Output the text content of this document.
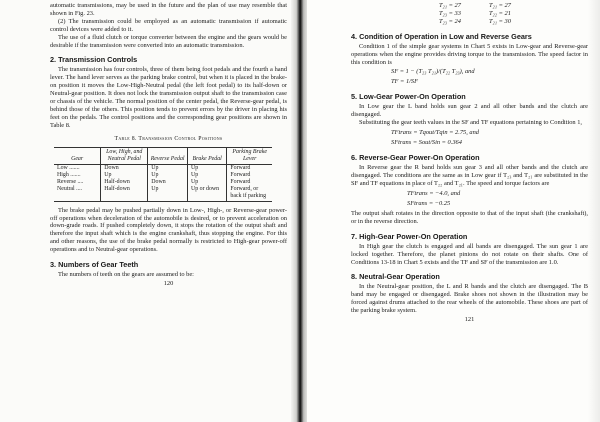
automatic transmissions, may be used in the future and the plan of use may resemble that shown in Fig. 23.

(2) The transmission could be employed as an automatic transmission if automatic control devices were added to it.

The use of a fluid clutch or torque converter between the engine and the gears would be desirable if the transmission were converted into an automatic transmission.

2. Transmission Controls

The transmission has four controls, three of them being foot pedals and the fourth a hand lever. The hand lever serves as the parking brake control, but when it is placed in the brake-on position it moves the Low-High-Neutral pedal (the left foot pedal) to its half-down or Neutral-gear position. It does not lock the transmission output shaft to the transmission case or chassis of the vehicle. The normal position of the center pedal, the Reverse-gear pedal, is behind those of the others. This position tends to prevent errors by the driver in placing his feet on the pedals. The control positions and the corresponding gear positions are shown in Table 8.

Table 8. Transmission Control Positions
Gear	Low, High, and Neutral Pedal	Reverse Pedal	Brake Pedal	Parking Brake Lever
Low .......	Down	Up	Up	Forward
High .......	Up	Up	Up	Forward
Reverse ....	Half-down	Down	Up	Forward
Neutral ....	Half-down	Up	Up or down	Forward, or back if parking

The brake pedal may be pushed partially down in Low-, High-, or Reverse-gear power-off operations when deceleration of the automobile is desired, or to prevent acceleration on down-grade roads. If pushed completely down, it stops the rotation of the output shaft and therefore the input shaft which is the engine crankshaft, thus stopping the engine. For this and other reasons, the use of the brake pedal normally is restricted to High-gear power-off operations and to Neutral-gear operations.

3. Numbers of Gear Teeth

The numbers of teeth on the gears are assumed to be:

120
T₂₁ = 27	T₂₁ = 27
T₂₃ = 33	T₂₂ = 21
T₂₃ = 24	T₂₁ = 30
4. Condition of Operation in Low and Reverse Gears

Condition 1 of the simple gear systems in Chart 5 exists in Low-gear and Reverse-gear operations when the engine provides driving torque to the transmission. The speed factor in this condition is

SF = 1 − (T₂₃ T₂₁)/(T₂₂ T₂₃), and
TF = 1/SF
5. Low-Gear Power-On Operation

In Low gear the L band holds sun gear 2 and all other bands and the clutch are disengaged.

Substituting the gear teeth values in the SF and TF equations pertaining to Condition 1,

TFtrans = Tqout/Tqin = 2.75, and
SFtrans = Sout/Sin = 0.364
6. Reverse-Gear Power-On Operation

In Reverse gear the R band holds sun gear 3 and all other bands and the clutch are disengaged. The conditions are the same as in Low gear if T₂₃ and T₂₁ are substituted in the SF and TF equations in place of T₂₂ and T₂₁. The speed and torque factors are

TFtrans = −4.0, and
SFtrans = −0.25

The output shaft rotates in the direction opposite to that of the input shaft (the crankshaft), or in the reverse direction.

7. High-Gear Power-On Operation

In High gear the clutch is engaged and all bands are disengaged. The sun gear 1 are locked together. Therefore, the planet pinions do not rotate on their shafts. One of Conditions 13-18 in Chart 5 exists and the TF and SF of the transmission are 1.0.

8. Neutral-Gear Operation

In the Neutral-gear position, the L and R bands and the clutch are disengaged. The B band may be engaged or disengaged. Brake shoes not shown in the illustration may be forced against drums attached to the rear wheels of the automobile. These shoes are part of the parking brake system.

121
